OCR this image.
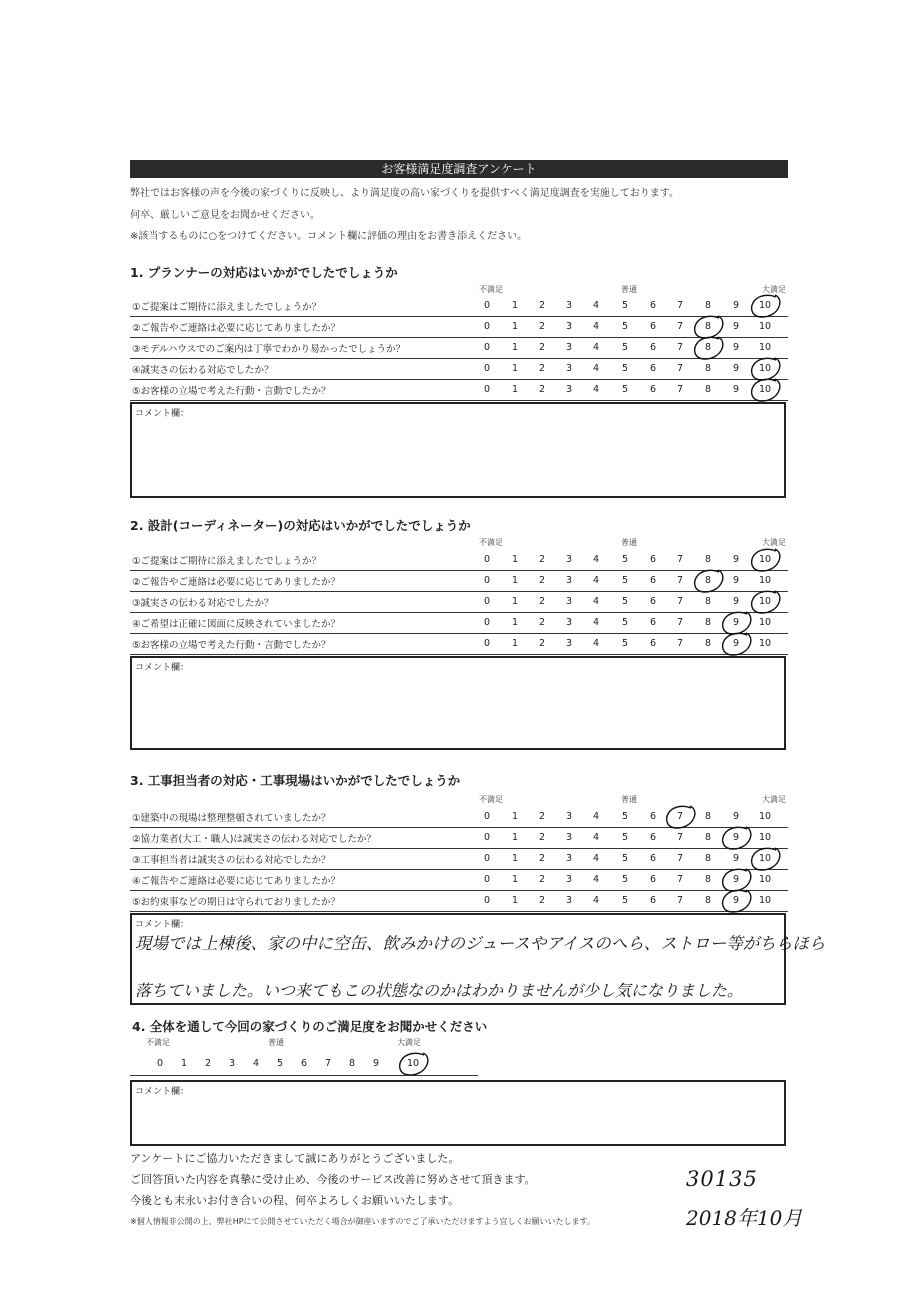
お客様満足度調査アンケート
弊社ではお客様の声を今後の家づくりに反映し、より満足度の高い家づくりを提供すべく満足度調査を実施しております。
何卒、厳しいご意見をお聞かせください。
※該当するものに○をつけてください。コメント欄に評価の理由をお書き添えください。
1. プランナーの対応はいかがでしたでしょうか
不満足	普通	大満足
①ご提案はご期待に添えましたでしょうか？	0	1	2	3	4	5	6	7	8	9	10
②ご報告やご連絡は必要に応じてありましたか？	0	1	2	3	4	5	6	7	8	9	10
③モデルハウスでのご案内は丁寧でわかり易かったでしょうか？	0	1	2	3	4	5	6	7	8	9	10
④誠実さの伝わる対応でしたか？	0	1	2	3	4	5	6	7	8	9	10
⑤お客様の立場で考えた行動・言動でしたか？	0	1	2	3	4	5	6	7	8	9	10
コメント欄：
2. 設計(コーディネーター)の対応はいかがでしたでしょうか
不満足	普通	大満足
①ご提案はご期待に添えましたでしょうか？	0	1	2	3	4	5	6	7	8	9	10
②ご報告やご連絡は必要に応じてありましたか？	0	1	2	3	4	5	6	7	8	9	10
③誠実さの伝わる対応でしたか？	0	1	2	3	4	5	6	7	8	9	10
④ご希望は正確に図面に反映されていましたか？	0	1	2	3	4	5	6	7	8	9	10
⑤お客様の立場で考えた行動・言動でしたか？	0	1	2	3	4	5	6	7	8	9	10
コメント欄：
3. 工事担当者の対応・工事現場はいかがでしたでしょうか
不満足	普通	大満足
①建築中の現場は整理整頓されていましたか？	0	1	2	3	4	5	6	7	8	9	10
②協力業者(大工・職人)は誠実さの伝わる対応でしたか？	0	1	2	3	4	5	6	7	8	9	10
③工事担当者は誠実さの伝わる対応でしたか？	0	1	2	3	4	5	6	7	8	9	10
④ご報告やご連絡は必要に応じてありましたか？	0	1	2	3	4	5	6	7	8	9	10
⑤お約束事などの期日は守られておりましたか？	0	1	2	3	4	5	6	7	8	9	10
コメント欄：
現場では上棟後、家の中に空缶、飲みかけのジュースやアイスのへら、ストロー等がちらほら
落ちていました。いつ来てもこの状態なのかはわかりませんが少し気になりました。
4. 全体を通して今回の家づくりのご満足度をお聞かせください
不満足	普通	大満足
0	1	2	3	4	5	6	7	8	9	10
コメント欄：
アンケートにご協力いただきまして誠にありがとうございました。
ご回答頂いた内容を真摯に受け止め、今後のサービス改善に努めさせて頂きます。
今後とも末永いお付き合いの程、何卒よろしくお願いいたします。
※個人情報非公開の上、弊社HPにて公開させていただく場合が御座いますのでご了承いただけますよう宜しくお願いいたします。
30135
2018年10月
